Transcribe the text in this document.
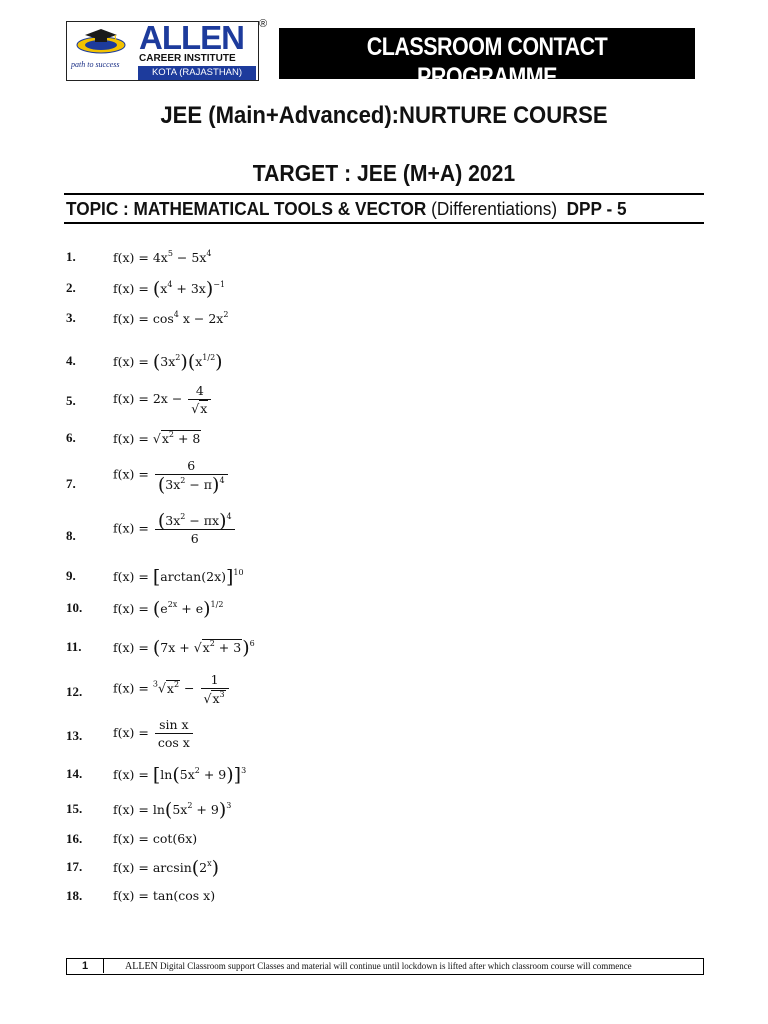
path to success
ALLEN
CAREER INSTITUTE
KOTA (RAJASTHAN)
®
CLASSROOM CONTACT PROGRAMME
(Academic Session : 2020 - 2021)
JEE (Main+Advanced):NURTURE COURSE
TARGET : JEE (M+A) 2021
TOPIC : MATHEMATICAL TOOLS & VECTOR (Differentiations) DPP - 5
1.	$f(x) = 4x^5 - 5x^4$
2.	$f(x) = (x^4 + 3x)^{-1}$
3.	$f(x) = \cos^4 x - 2x^2$
4.	$f(x) = (3x^2)(x^{1/2})$
5.	$f(x) = 2x - \frac{4}{√x}$
6.	$f(x) = √x^2 + 8$
7.
$f(x) = \frac{6}{(3x^2 - \pi)^4}$
8.	$f(x) = \frac{(3x^2 - \pi x)^4}{6}$
9.	$f(x) = [\arctan(2x)]^{10}$
10. $f(x) = (e^{2x} + e)^{1/2}$
11.	$f(x) = (7x + √x^2 + 3)^6$
12. $f(x) = ^3√x^2 - \frac{1}{√x^3}$
13. $f(x) = \frac{\text{sin x}}{\text{cos x}}$
14. $f(x) = [\ln(5x^2 + 9)]^3$
15. $f(x) = \ln(5x^2 + 9)^3$
16. f(x) = cot(6x)
17. $f(x) = \arcsin(2^x)$
18. f(x) = tan(cos x)
1	ALLEN Digital Classroom support Classes and material will continue until lockdown is lifted after which classroom course will commence
